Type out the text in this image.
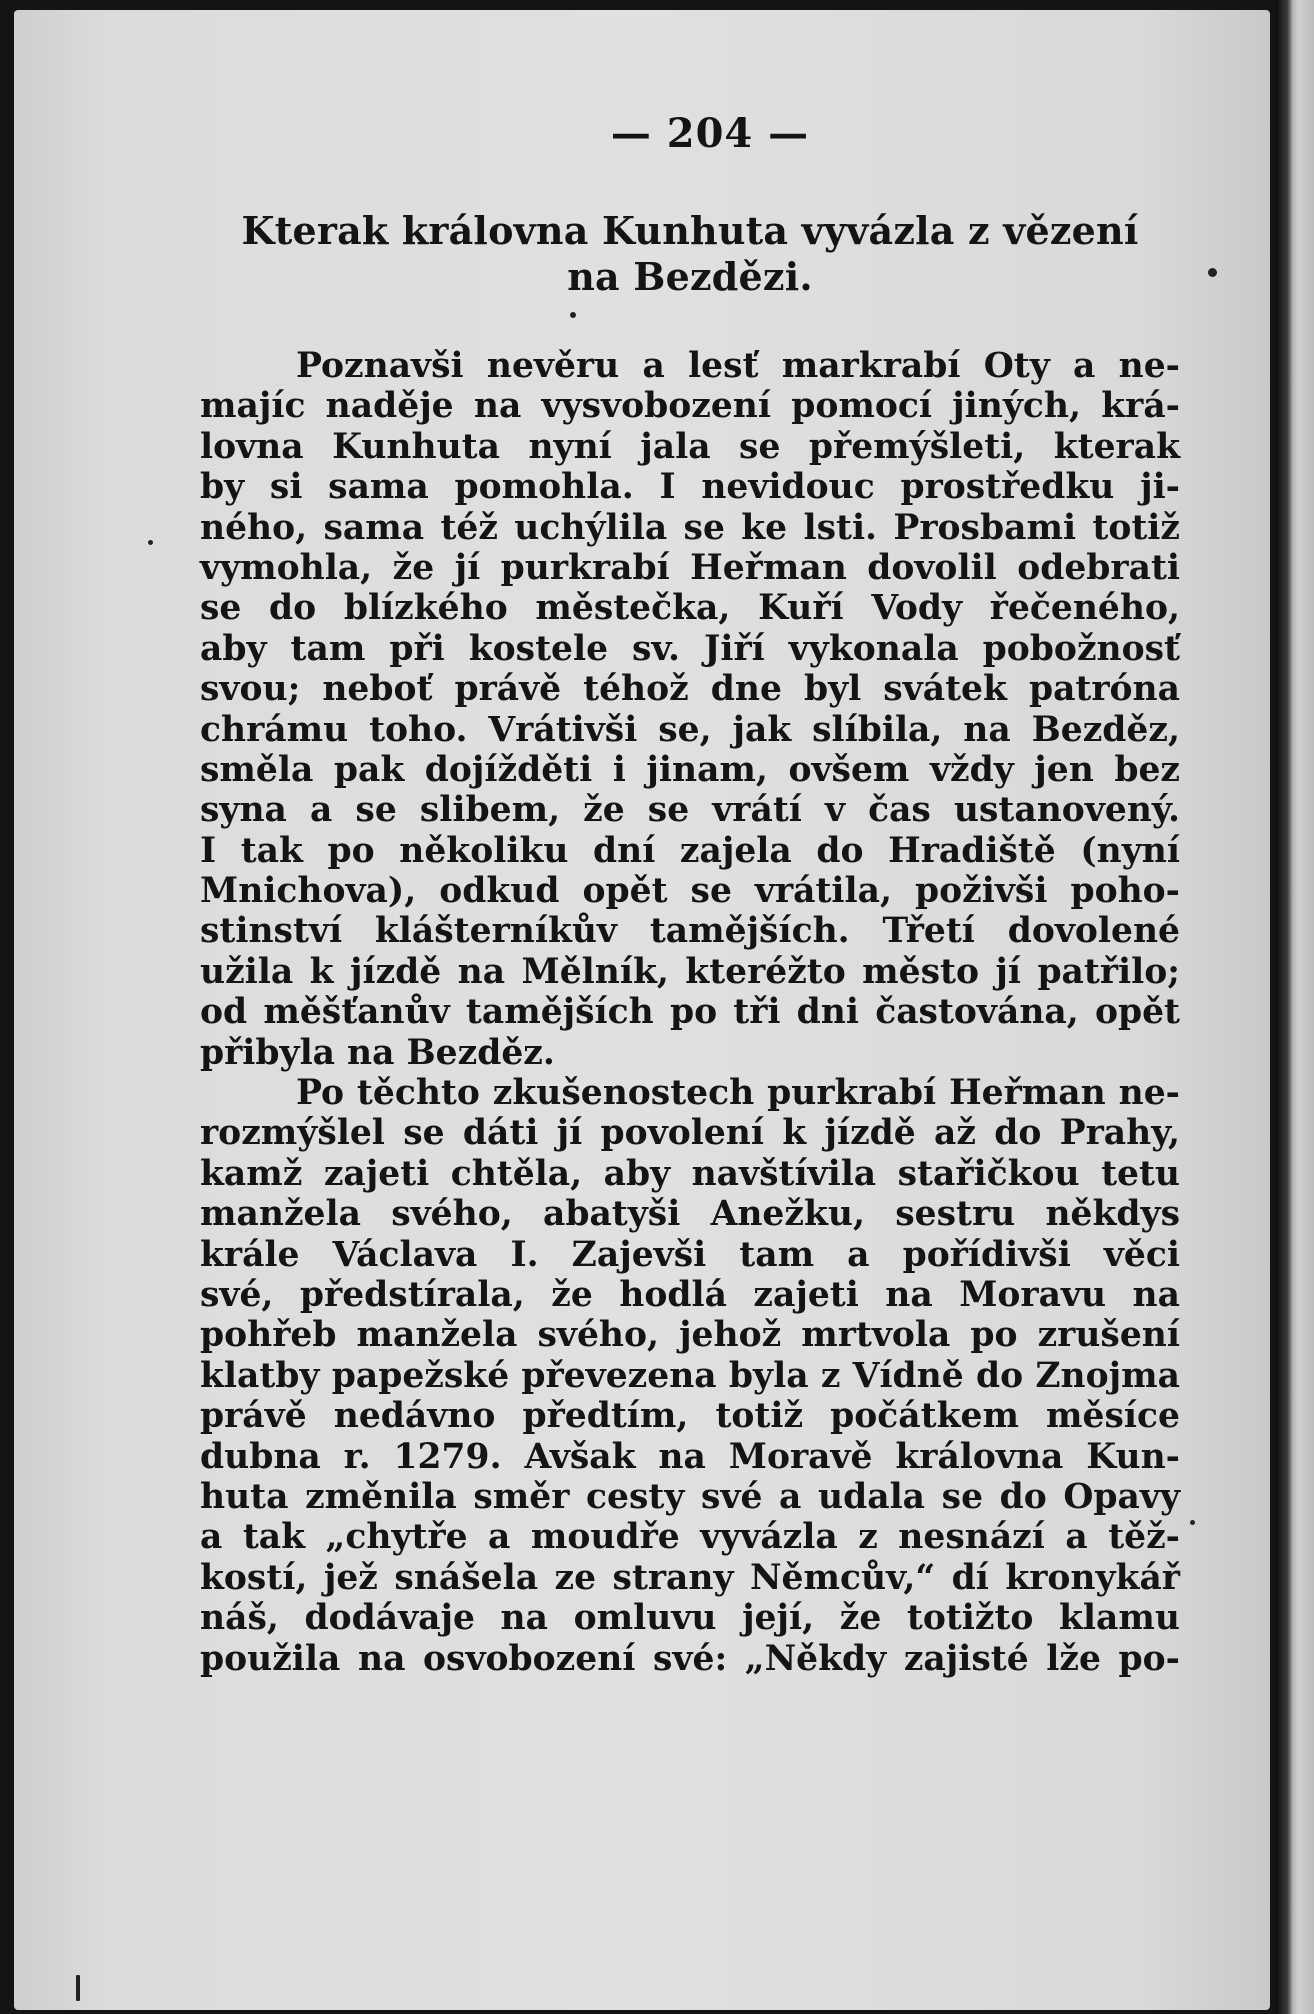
— 204 —
Kterak královna Kunhuta vyvázla z vězení
na Bezdězi.
Poznavši nevěru a lesť markrabí Oty a ne-
majíc naděje na vysvobození pomocí jiných, krá-
lovna Kunhuta nyní jala se přemýšleti, kterak
by si sama pomohla. I nevidouc prostředku ji-
ného, sama též uchýlila se ke lsti. Prosbami totiž
vymohla, že jí purkrabí Heřman dovolil odebrati
se do blízkého městečka, Kuří Vody řečeného,
aby tam při kostele sv. Jiří vykonala pobožnosť
svou; neboť právě téhož dne byl svátek patróna
chrámu toho. Vrátivši se, jak slíbila, na Bezděz,
směla pak dojížděti i jinam, ovšem vždy jen bez
syna a se slibem, že se vrátí v čas ustanovený.
I tak po několiku dní zajela do Hradiště (nyní
Mnichova), odkud opět se vrátila, poživši poho-
stinství klášterníkův tamějších. Třetí dovolené
užila k jízdě na Mělník, kteréžto město jí patřilo;
od měšťanův tamějších po tři dni častována, opět
přibyla na Bezděz.
Po těchto zkušenostech purkrabí Heřman ne-
rozmýšlel se dáti jí povolení k jízdě až do Prahy,
kamž zajeti chtěla, aby navštívila stařičkou tetu
manžela svého, abatyši Anežku, sestru někdys
krále Václava I. Zajevši tam a pořídivši věci
své, předstírala, že hodlá zajeti na Moravu na
pohřeb manžela svého, jehož mrtvola po zrušení
klatby papežské převezena byla z Vídně do Znojma
právě nedávno předtím, totiž počátkem měsíce
dubna r. 1279. Avšak na Moravě královna Kun-
huta změnila směr cesty své a udala se do Opavy
a tak „chytře a moudře vyvázla z nesnází a těž-
kostí, jež snášela ze strany Němcův,“ dí kronykář
náš, dodávaje na omluvu její, že totižto klamu
použila na osvobození své: „Někdy zajisté lže po-
